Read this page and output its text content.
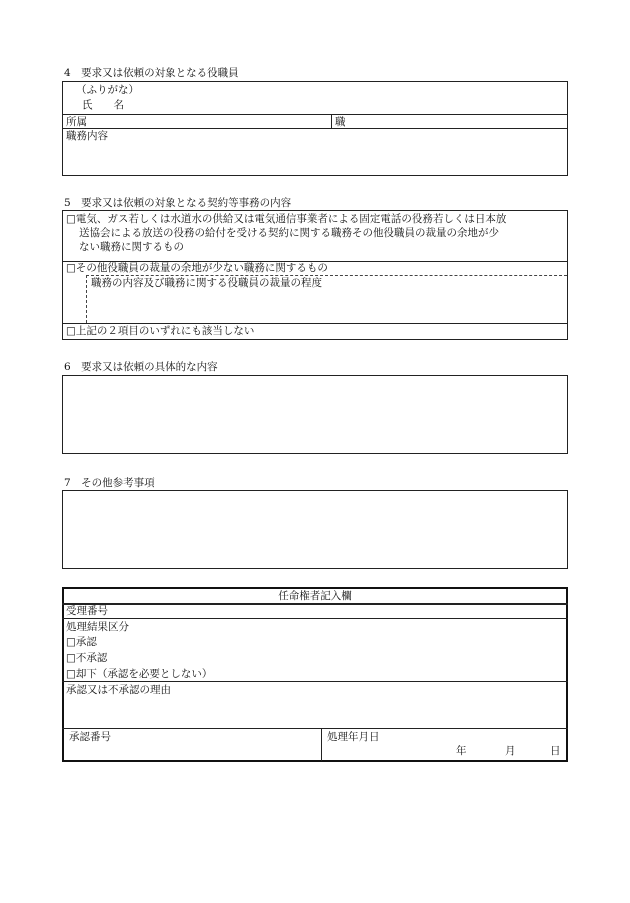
4　要求又は依頼の対象となる役職員
（ふりがな）
氏　　名
所属	職
職務内容
5　要求又は依頼の対象となる契約等事務の内容
□電気、ガス若しくは水道水の供給又は電気通信事業者による固定電話の役務若しくは日本放
送協会による放送の役務の給付を受ける契約に関する職務その他役職員の裁量の余地が少
ない職務に関するもの
□その他役職員の裁量の余地が少ない職務に関するもの
職務の内容及び職務に関する役職員の裁量の程度
□上記の２項目のいずれにも該当しない
6　要求又は依頼の具体的な内容
7　その他参考事項
任命権者記入欄
受理番号
処理結果区分
□承認
□不承認
□却下（承認を必要としない）
承認又は不承認の理由
承認番号	処理年月日
年	月	日
